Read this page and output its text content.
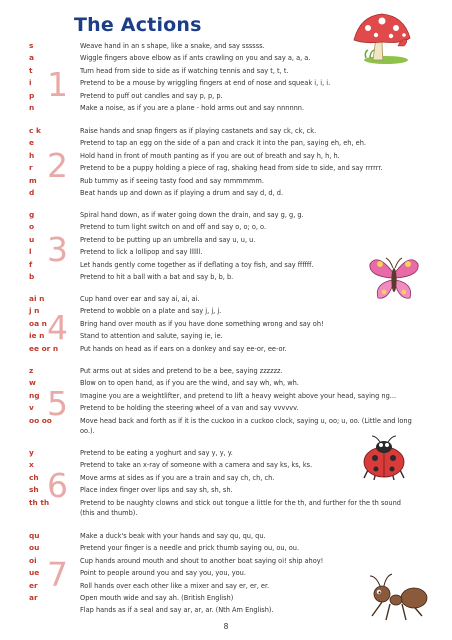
The Actions
s
a
t
i
p
n
1
Weave hand in an s shape, like a snake, and say ssssss.
Wiggle fingers above elbow as if ants crawling on you and say a, a, a.
Turn head from side to side as if watching tennis and say t, t, t.
Pretend to be a mouse by wriggling fingers at end of nose and squeak i, i, i.
Pretend to puff out candles and say p, p, p.
Make a noise, as if you are a plane - hold arms out and say nnnnnn.
c k
e
h
r
m
d
2
Raise hands and snap fingers as if playing castanets and say ck, ck, ck.
Pretend to tap an egg on the side of a pan and crack it into the pan, saying eh, eh, eh.
Hold hand in front of mouth panting as if you are out of breath and say h, h, h.
Pretend to be a puppy holding a piece of rag, shaking head from side to side, and say rrrrrr.
Rub tummy as if seeing tasty food and say mmmmmm.
Beat hands up and down as if playing a drum and say d, d, d.
g
o
u
l
f
b
3
Spiral hand down, as if water going down the drain, and say g, g, g.
Pretend to turn light switch on and off and say o, o; o, o.
Pretend to be putting up an umbrella and say u, u, u.
Pretend to lick a lollipop and say llllll.
Let hands gently come together as if deflating a toy fish, and say ffffff.
Pretend to hit a ball with a bat and say b, b, b.
ai n
j n
oa n
ie n
ee or n
4
Cup hand over ear and say ai, ai, ai.
Pretend to wobble on a plate and say j, j, j.
Bring hand over mouth as if you have done something wrong and say oh!
Stand to attention and salute, saying ie, ie.
Put hands on head as if ears on a donkey and say ee-or, ee-or.
z
w
ng
v
oo oo
5
Put arms out at sides and pretend to be a bee, saying zzzzzz.
Blow on to open hand, as if you are the wind, and say wh, wh, wh.
Imagine you are a weightlifter, and pretend to lift a heavy weight above your head, saying ng...
Pretend to be holding the steering wheel of a van and say vvvvvv.
Move head back and forth as if it is the cuckoo in a cuckoo clock, saying u, oo; u, oo. (Little and long oo.).
y
x
ch
sh
th th
6
Pretend to be eating a yoghurt and say y, y, y.
Pretend to take an x-ray of someone with a camera and say ks, ks, ks.
Move arms at sides as if you are a train and say ch, ch, ch.
Place index finger over lips and say sh, sh, sh.
Pretend to be naughty clowns and stick out tongue a little for the th, and further for the th sound (this and thumb).
qu
ou
oi
ue
er
ar
7
Make a duck's beak with your hands and say qu, qu, qu.
Pretend your finger is a needle and prick thumb saying ou, ou, ou.
Cup hands around mouth and shout to another boat saying oi! ship ahoy!
Point to people around you and say you, you, you.
Roll hands over each other like a mixer and say er, er, er.
Open mouth wide and say ah. (British English)
Flap hands as if a seal and say ar, ar, ar. (Nth Am English).
8
